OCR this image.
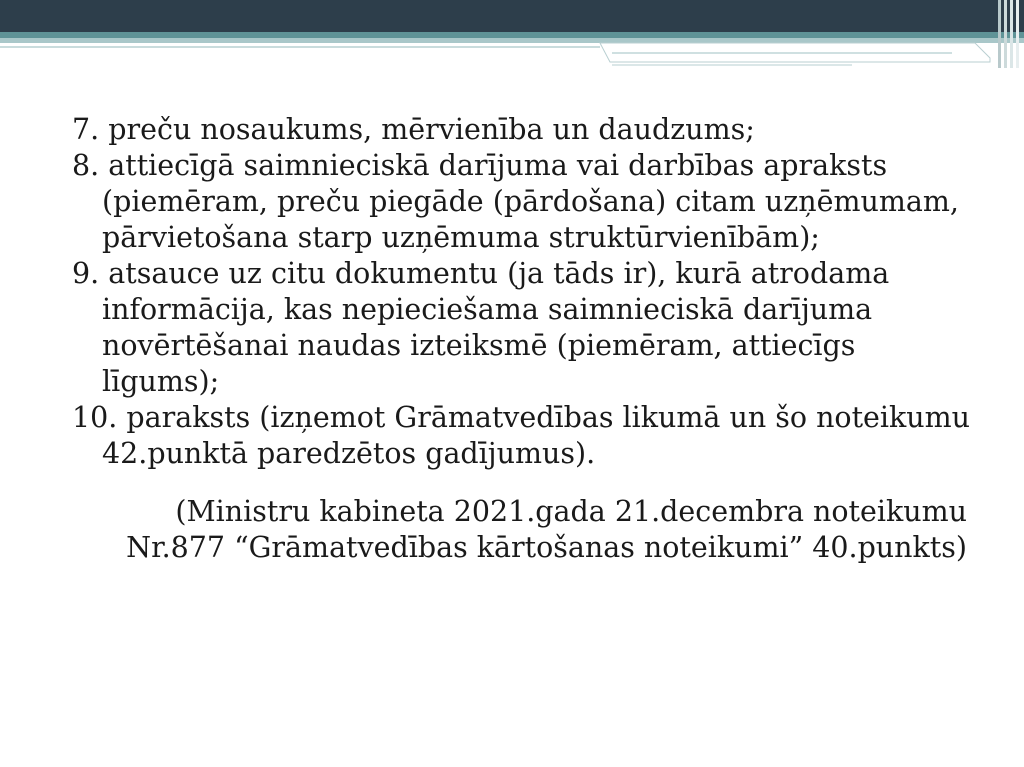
7. preču nosaukums, mērvienība un daudzums;

8. attiecīgā saimnieciskā darījuma vai darbības apraksts (piemēram, preču piegāde (pārdošana) citam uzņēmumam, pārvietošana starp uzņēmuma struktūrvienībām);

9. atsauce uz citu dokumentu (ja tāds ir), kurā atrodama informācija, kas nepieciešama saimnieciskā darījuma novērtēšanai naudas izteiksmē (piemēram, attiecīgs līgums);

10. paraksts (izņemot Grāmatvedības likumā un šo noteikumu 42.punktā paredzētos gadījumus).

(Ministru kabineta 2021.gada 21.decembra noteikumu Nr.877 “Grāmatvedības kārtošanas noteikumi” 40.punkts)
